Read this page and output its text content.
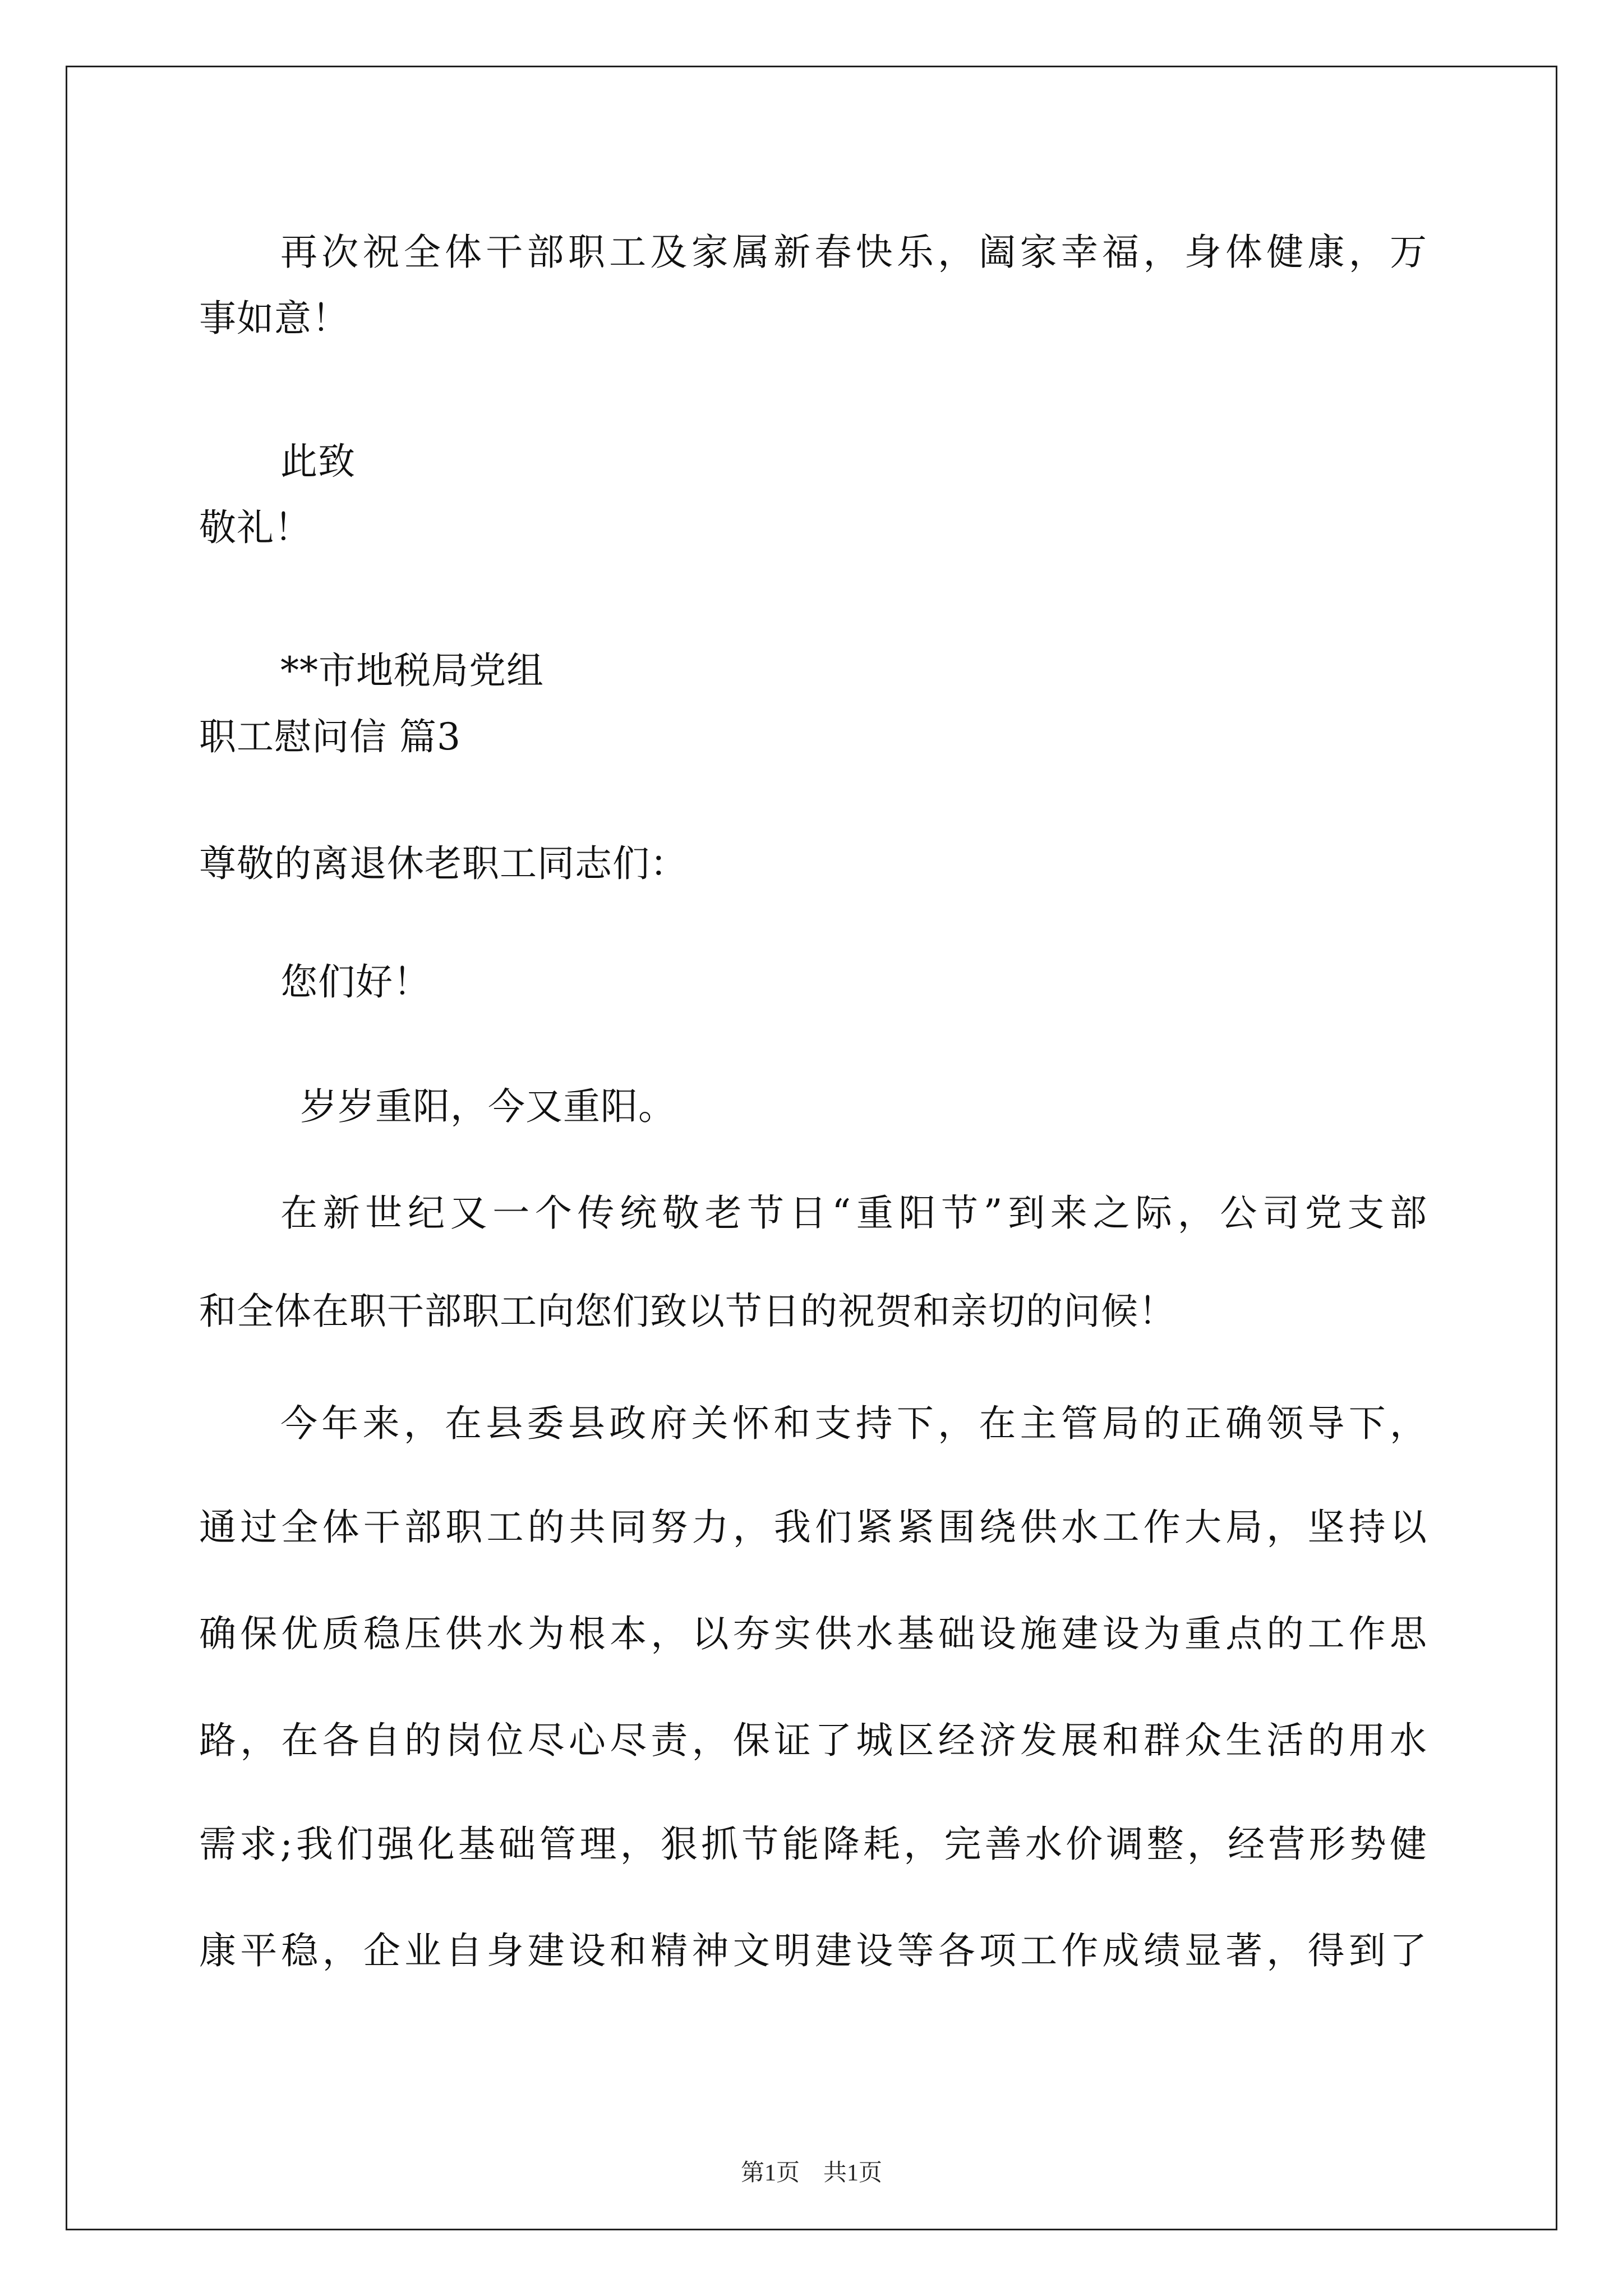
再次祝全体干部职工及家属新春快乐，阖家幸福，身体健康，万
事如意！
此致
敬礼！
**市地税局党组
职工慰问信 篇3
尊敬的离退休老职工同志们：
您们好！
岁岁重阳，今又重阳。
在新世纪又一个传统敬老节日“重阳节”到来之际，公司党支部
和全体在职干部职工向您们致以节日的祝贺和亲切的问候！
今年来，在县委县政府关怀和支持下，在主管局的正确领导下，
通过全体干部职工的共同努力，我们紧紧围绕供水工作大局，坚持以
确保优质稳压供水为根本，以夯实供水基础设施建设为重点的工作思
路，在各自的岗位尽心尽责，保证了城区经济发展和群众生活的用水
需求;我们强化基础管理，狠抓节能降耗，完善水价调整，经营形势健
康平稳，企业自身建设和精神文明建设等各项工作成绩显著，得到了
第1页　共1页
